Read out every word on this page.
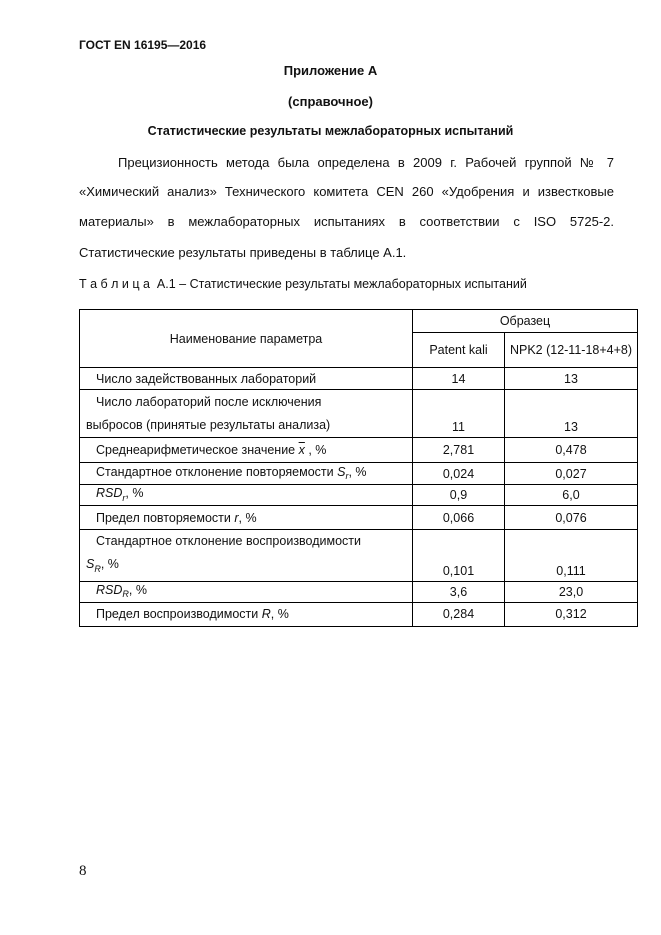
ГОСТ EN 16195—2016
Приложение А
(справочное)
Статистические результаты межлабораторных испытаний
Прецизионность метода была определена в 2009 г. Рабочей группой № 7
«Химический анализ» Технического комитета CEN 260 «Удобрения и известковые
материалы» в межлабораторных испытаниях в соответствии с ISO 5725-2.
Статистические результаты приведены в таблице А.1.
Т а б л и ц а  А.1 – Статистические результаты межлабораторных испытаний
Наименование параметра	Образец	
	Patent kali	NPK2 (12-11-18+4+8)
Число задействованных лабораторий	14	13

Число лабораторий после исключения
выбросов (принятые результаты анализа)	11	13
Среднеарифметическое значение $\overline{x}$ , %	2,781	0,478
Стандартное отклонение повторяемости $S_r$, %	0,024	0,027
$RSD_r$, %	0,9	6,0
Предел повторяемости r, %	0,066	0,076

Стандартное отклонение воспроизводимости
$S_R$, %	0,101	0,111
$RSD_R$, %	3,6	23,0
Предел воспроизводимости R, %	0,284	0,312
8
